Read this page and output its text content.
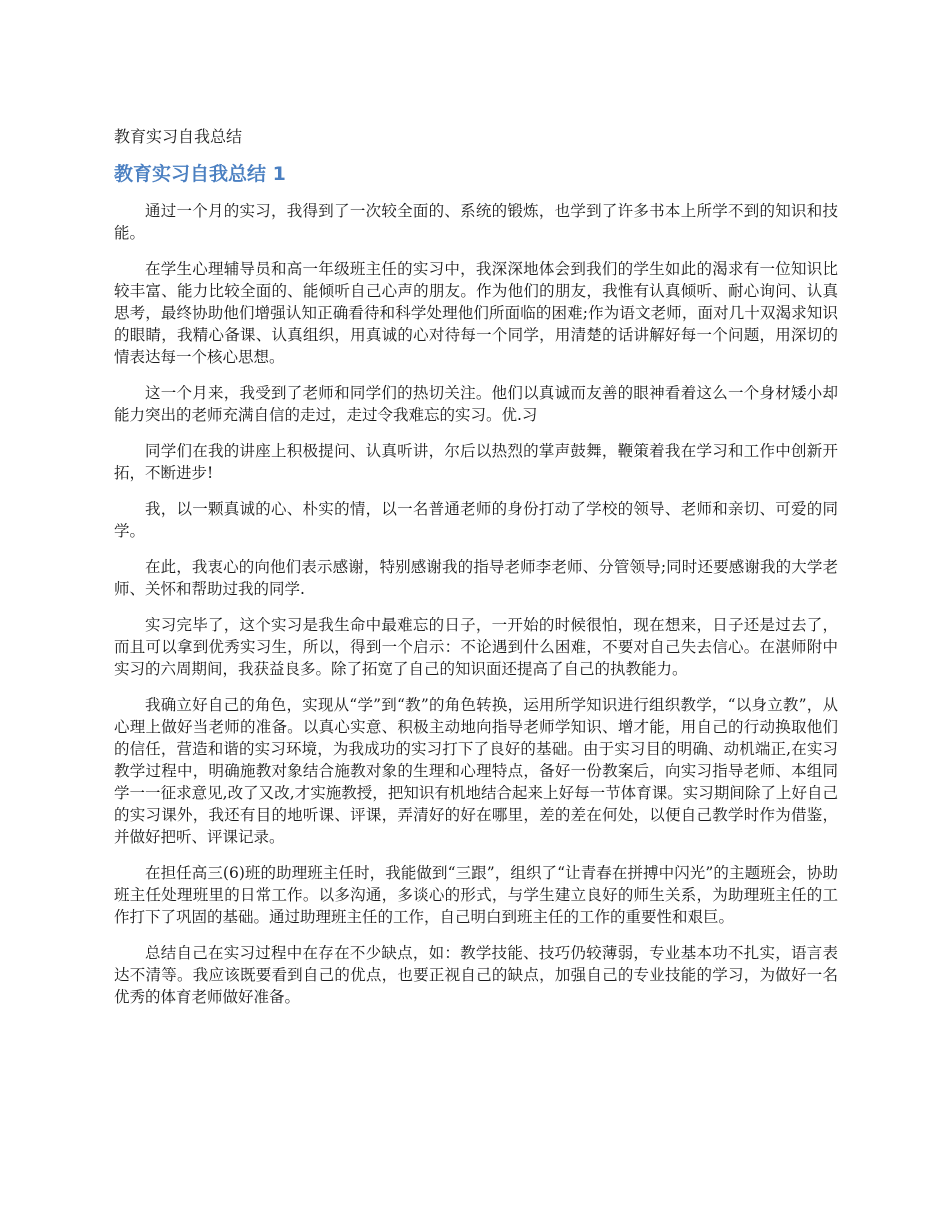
教育实习自我总结
教育实习自我总结 1

通过一个月的实习，我得到了一次较全面的、系统的锻炼，也学到了许多书本上所学不到的知识和技能。

在学生心理辅导员和高一年级班主任的实习中，我深深地体会到我们的学生如此的渴求有一位知识比较丰富、能力比较全面的、能倾听自己心声的朋友。作为他们的朋友，我惟有认真倾听、耐心询问、认真思考，最终协助他们增强认知正确看待和科学处理他们所面临的困难;作为语文老师，面对几十双渴求知识的眼睛，我精心备课、认真组织，用真诚的心对待每一个同学，用清楚的话讲解好每一个问题，用深切的情表达每一个核心思想。

这一个月来，我受到了老师和同学们的热切关注。他们以真诚而友善的眼神看着这么一个身材矮小却能力突出的老师充满自信的走过，走过令我难忘的实习。优.习

同学们在我的讲座上积极提问、认真听讲，尔后以热烈的掌声鼓舞，鞭策着我在学习和工作中创新开拓，不断进步!

我，以一颗真诚的心、朴实的情，以一名普通老师的身份打动了学校的领导、老师和亲切、可爱的同学。

在此，我衷心的向他们表示感谢，特别感谢我的指导老师李老师、分管领导;同时还要感谢我的大学老师、关怀和帮助过我的同学.

实习完毕了，这个实习是我生命中最难忘的日子，一开始的时候很怕，现在想来，日子还是过去了，而且可以拿到优秀实习生，所以，得到一个启示：不论遇到什么困难，不要对自己失去信心。在湛师附中实习的六周期间，我获益良多。除了拓宽了自己的知识面还提高了自己的执教能力。

我确立好自己的角色，实现从“学”到“教”的角色转换，运用所学知识进行组织教学，“以身立教”，从心理上做好当老师的准备。以真心实意、积极主动地向指导老师学知识、增才能，用自己的行动换取他们的信任，营造和谐的实习环境，为我成功的实习打下了良好的基础。由于实习目的明确、动机端正,在实习教学过程中，明确施教对象结合施教对象的生理和心理特点，备好一份教案后，向实习指导老师、本组同学一一征求意见,改了又改,才实施教授，把知识有机地结合起来上好每一节体育课。实习期间除了上好自己的实习课外，我还有目的地听课、评课，弄清好的好在哪里，差的差在何处，以便自己教学时作为借鉴，并做好把听、评课记录。

在担任高三(6)班的助理班主任时，我能做到“三跟”，组织了“让青春在拼搏中闪光”的主题班会，协助班主任处理班里的日常工作。以多沟通，多谈心的形式，与学生建立良好的师生关系，为助理班主任的工作打下了巩固的基础。通过助理班主任的工作，自己明白到班主任的工作的重要性和艰巨。

总结自己在实习过程中在存在不少缺点，如：教学技能、技巧仍较薄弱，专业基本功不扎实，语言表达不清等。我应该既要看到自己的优点，也要正视自己的缺点，加强自己的专业技能的学习，为做好一名优秀的体育老师做好准备。
